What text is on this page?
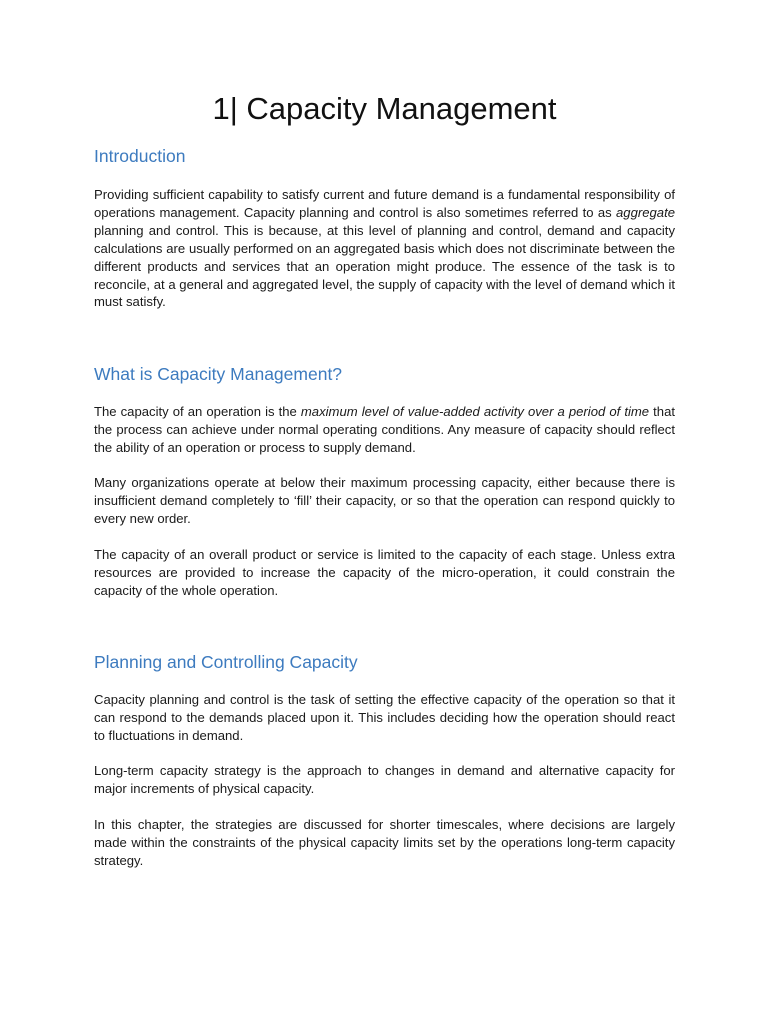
1| Capacity Management
Introduction

Providing sufficient capability to satisfy current and future demand is a fundamental responsibility of operations management. Capacity planning and control is also sometimes referred to as aggregate planning and control. This is because, at this level of planning and control, demand and capacity calculations are usually performed on an aggregated basis which does not discriminate between the different products and services that an operation might produce. The essence of the task is to reconcile, at a general and aggregated level, the supply of capacity with the level of demand which it must satisfy.

What is Capacity Management?

The capacity of an operation is the maximum level of value-added activity over a period of time that the process can achieve under normal operating conditions. Any measure of capacity should reflect the ability of an operation or process to supply demand.

Many organizations operate at below their maximum processing capacity, either because there is insufficient demand completely to ‘fill’ their capacity, or so that the operation can respond quickly to every new order.

The capacity of an overall product or service is limited to the capacity of each stage. Unless extra resources are provided to increase the capacity of the micro-operation, it could constrain the capacity of the whole operation.

Planning and Controlling Capacity

Capacity planning and control is the task of setting the effective capacity of the operation so that it can respond to the demands placed upon it. This includes deciding how the operation should react to fluctuations in demand.

Long-term capacity strategy is the approach to changes in demand and alternative capacity for major increments of physical capacity.

In this chapter, the strategies are discussed for shorter timescales, where decisions are largely made within the constraints of the physical capacity limits set by the operations long-term capacity strategy.
